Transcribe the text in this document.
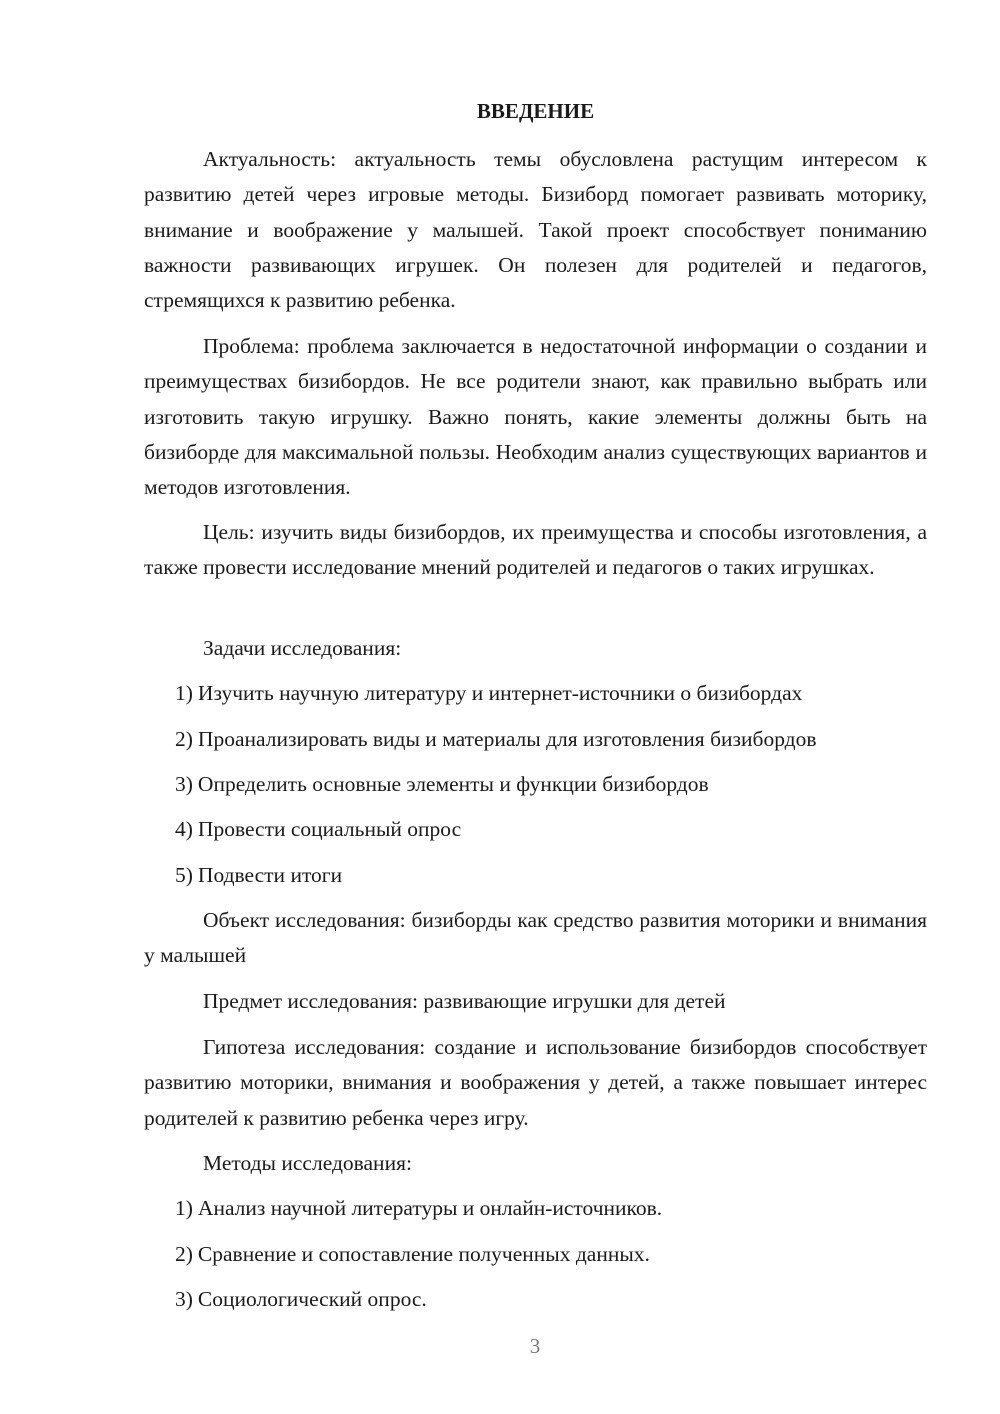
ВВЕДЕНИЕ

Актуальность: актуальность темы обусловлена растущим интересом к развитию детей через игровые методы. Бизиборд помогает развивать моторику, внимание и воображение у малышей. Такой проект способствует пониманию важности развивающих игрушек. Он полезен для родителей и педагогов, стремящихся к развитию ребенка.

Проблема: проблема заключается в недостаточной информации о создании и преимуществах бизибордов. Не все родители знают, как правильно выбрать или изготовить такую игрушку. Важно понять, какие элементы должны быть на бизиборде для максимальной пользы. Необходим анализ существующих вариантов и методов изготовления.

Цель: изучить виды бизибордов, их преимущества и способы изготовления, а также провести исследование мнений родителей и педагогов о таких игрушках.

Задачи исследования:

1) Изучить научную литературу и интернет-источники о бизибордах

2) Проанализировать виды и материалы для изготовления бизибордов

3) Определить основные элементы и функции бизибордов

4) Провести социальный опрос

5) Подвести итоги

Объект исследования: бизиборды как средство развития моторики и внимания у малышей

Предмет исследования: развивающие игрушки для детей

Гипотеза исследования: создание и использование бизибордов способствует развитию моторики, внимания и воображения у детей, а также повышает интерес родителей к развитию ребенка через игру.

Методы исследования:

1) Анализ научной литературы и онлайн-источников.

2) Сравнение и сопоставление полученных данных.

3) Социологический опрос.

3
